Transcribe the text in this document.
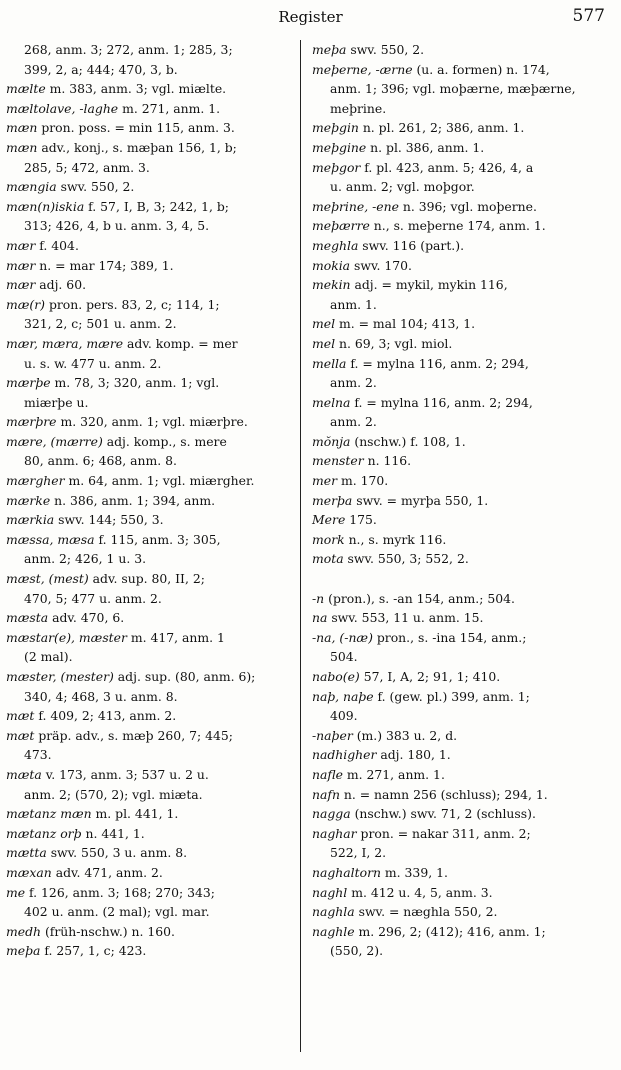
Register	577
268, anm. 3; 272, anm. 1; 285, 3;
399, 2, a; 444; 470, 3, b.
mælte m. 383, anm. 3; vgl. miælte.
mæltolave, -laghe m. 271, anm. 1.
mæn pron. poss. = min 115, anm. 3.
mæn adv., konj., s. mæþan 156, 1, b;
285, 5; 472, anm. 3.
mængia swv. 550, 2.
mæn(n)iskia f. 57, I, B, 3; 242, 1, b;
313; 426, 4, b u. anm. 3, 4, 5.
mær f. 404.
mær n. = mar 174; 389, 1.
mær adj. 60.
mæ(r) pron. pers. 83, 2, c; 114, 1;
321, 2, c; 501 u. anm. 2.
mær, mæra, mære adv. komp. = mer
u. s. w. 477 u. anm. 2.
mærþe m. 78, 3; 320, anm. 1; vgl.
miærþe u.
mærþre m. 320, anm. 1; vgl. miærþre.
mære, (mærre) adj. komp., s. mere
80, anm. 6; 468, anm. 8.
mærgher m. 64, anm. 1; vgl. miærgher.
mærke n. 386, anm. 1; 394, anm.
mærkia swv. 144; 550, 3.
mæssa, mæsa f. 115, anm. 3; 305,
anm. 2; 426, 1 u. 3.
mæst, (mest) adv. sup. 80, II, 2;
470, 5; 477 u. anm. 2.
mæsta adv. 470, 6.
mæstar(e), mæster m. 417, anm. 1
(2 mal).
mæster, (mester) adj. sup. (80, anm. 6);
340, 4; 468, 3 u. anm. 8.
mæt f. 409, 2; 413, anm. 2.
mæt präp. adv., s. mæþ 260, 7; 445;
473.
mæta v. 173, anm. 3; 537 u. 2 u.
anm. 2; (570, 2); vgl. miæta.
mætanz mæn m. pl. 441, 1.
mætanz orþ n. 441, 1.
mætta swv. 550, 3 u. anm. 8.
mæxan adv. 471, anm. 2.
me f. 126, anm. 3; 168; 270; 343;
402 u. anm. (2 mal); vgl. mar.
medh (früh-nschw.) n. 160.
meþa f. 257, 1, c; 423.
meþa swv. 550, 2.
meþerne, -ærne (u. a. formen) n. 174,
anm. 1; 396; vgl. moþærne, mæþærne,
meþrine.
meþgin n. pl. 261, 2; 386, anm. 1.
meþgine n. pl. 386, anm. 1.
meþgor f. pl. 423, anm. 5; 426, 4, a
u. anm. 2; vgl. moþgor.
meþrine, -ene n. 396; vgl. moþerne.
meþærre n., s. meþerne 174, anm. 1.
meghla swv. 116 (part.).
mokia swv. 170.
mekin adj. = mykil, mykin 116,
anm. 1.
mel m. = mal 104; 413, 1.
mel n. 69, 3; vgl. miol.
mella f. = mylna 116, anm. 2; 294,
anm. 2.
melna f. = mylna 116, anm. 2; 294,
anm. 2.
mŏnja (nschw.) f. 108, 1.
menster n. 116.
mer m. 170.
merþa swv. = myrþa 550, 1.
Mere 175.
mork n., s. myrk 116.
mota swv. 550, 3; 552, 2.
-n (pron.), s. -an 154, anm.; 504.
na swv. 553, 11 u. anm. 15.
-na, (-næ) pron., s. -ina 154, anm.;
504.
nabo(e) 57, I, A, 2; 91, 1; 410.
naþ, naþe f. (gew. pl.) 399, anm. 1;
409.
-naþer (m.) 383 u. 2, d.
nadhigher adj. 180, 1.
nafle m. 271, anm. 1.
nafn n. = namn 256 (schluss); 294, 1.
nagga (nschw.) swv. 71, 2 (schluss).
naghar pron. = nakar 311, anm. 2;
522, I, 2.
naghaltorn m. 339, 1.
naghl m. 412 u. 4, 5, anm. 3.
naghla swv. = næghla 550, 2.
naghle m. 296, 2; (412); 416, anm. 1;
(550, 2).
